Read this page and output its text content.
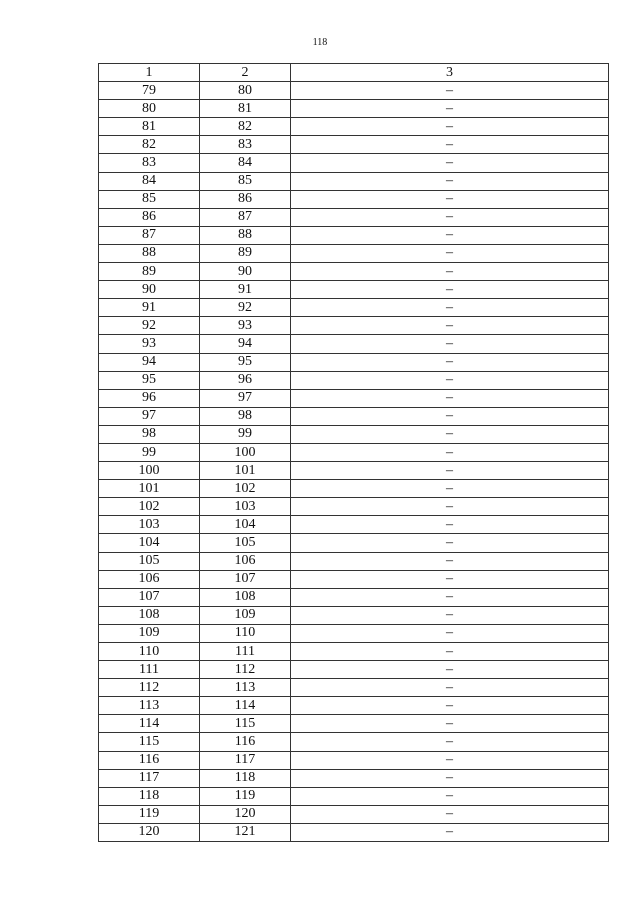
118
1	2	3
79	80	–
80	81	–
81	82	–
82	83	–
83	84	–
84	85	–
85	86	–
86	87	–
87	88	–
88	89	–
89	90	–
90	91	–
91	92	–
92	93	–
93	94	–
94	95	–
95	96	–
96	97	–
97	98	–
98	99	–
99	100	–
100	101	–
101	102	–
102	103	–
103	104	–
104	105	–
105	106	–
106	107	–
107	108	–
108	109	–
109	110	–
110	111	–
111	112	–
112	113	–
113	114	–
114	115	–
115	116	–
116	117	–
117	118	–
118	119	–
119	120	–
120	121	–
